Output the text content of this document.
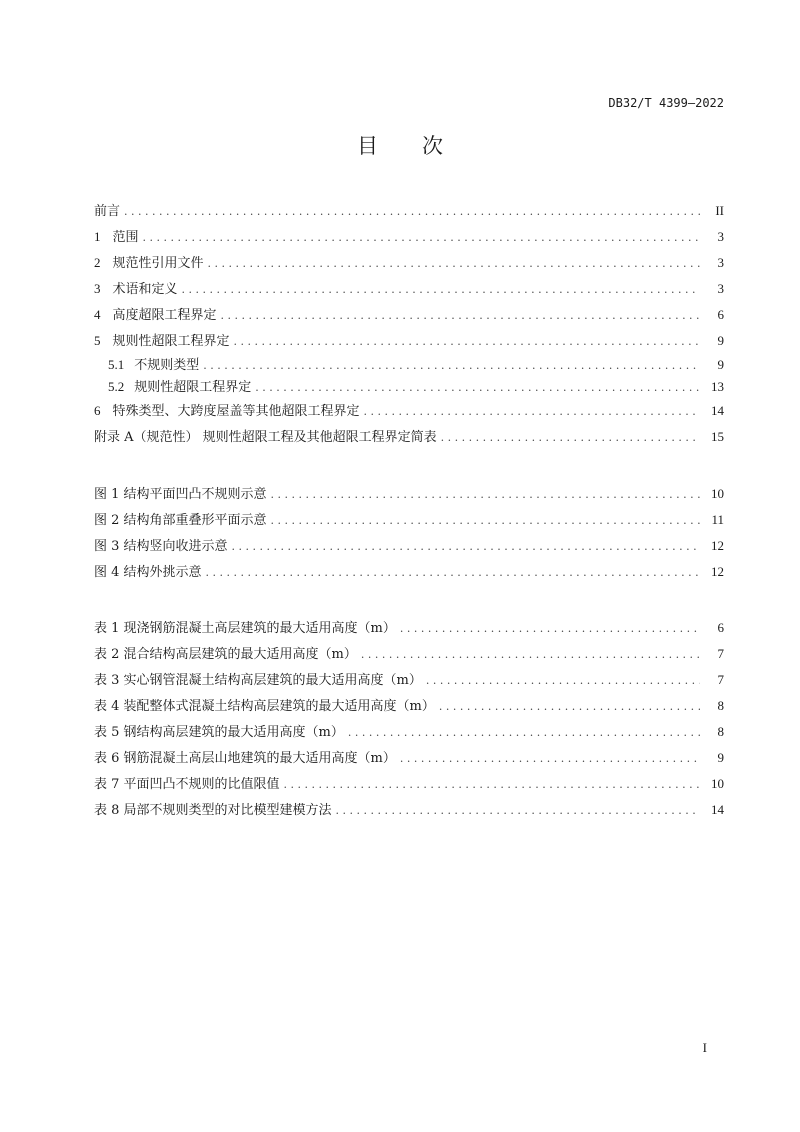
DB32/T 4399—2022
目 次
前言 . . .	II
1 范围 . . .	3
2 规范性引用文件 . . .	3
3 术语和定义 . . .	3
4 高度超限工程界定 . . .	6
5 规则性超限工程界定 . . .	9
5.1 不规则类型 . . .	9
5.2 规则性超限工程界定 . . .	13
6 特殊类型、大跨度屋盖等其他超限工程界定 . . .	14
附录 A（规范性） 规则性超限工程及其他超限工程界定简表 . . .	15
图 1 结构平面凹凸不规则示意 . . .	10
图 2 结构角部重叠形平面示意 . . .	11
图 3 结构竖向收进示意 . . .	12
图 4 结构外挑示意 . . .	12
表 1 现浇钢筋混凝土高层建筑的最大适用高度（m） . . .	6
表 2 混合结构高层建筑的最大适用高度（m） . . .	7
表 3 实心钢管混凝土结构高层建筑的最大适用高度（m） . . .	7
表 4 装配整体式混凝土结构高层建筑的最大适用高度（m） . . .	8
表 5 钢结构高层建筑的最大适用高度（m） . . .	8
表 6 钢筋混凝土高层山地建筑的最大适用高度（m） . . .	9
表 7 平面凹凸不规则的比值限值 . . .	10
表 8 局部不规则类型的对比模型建模方法 . . .	14
I
